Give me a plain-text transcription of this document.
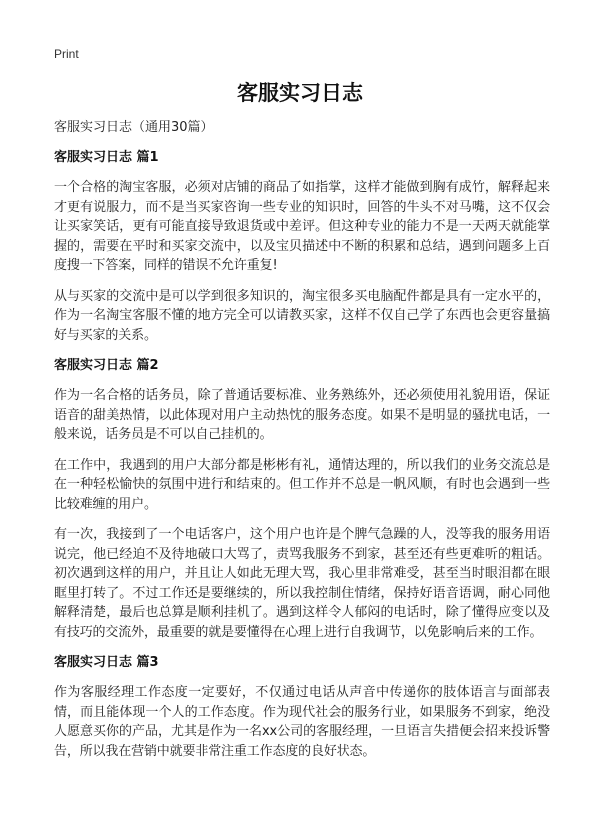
Print
客服实习日志

客服实习日志（通用30篇）

客服实习日志 篇1

一个合格的淘宝客服，必须对店铺的商品了如指掌，这样才能做到胸有成竹，解释起来才更有说服力，而不是当买家咨询一些专业的知识时，回答的牛头不对马嘴，这不仅会让买家笑话，更有可能直接导致退货或中差评。但这种专业的能力不是一天两天就能掌握的，需要在平时和买家交流中，以及宝贝描述中不断的积累和总结，遇到问题多上百度搜一下答案，同样的错误不允许重复!

从与买家的交流中是可以学到很多知识的，淘宝很多买电脑配件都是具有一定水平的，作为一名淘宝客服不懂的地方完全可以请教买家，这样不仅自己学了东西也会更容量搞好与买家的关系。

客服实习日志 篇2

作为一名合格的话务员，除了普通话要标准、业务熟练外，还必须使用礼貌用语，保证语音的甜美热情，以此体现对用户主动热忱的服务态度。如果不是明显的骚扰电话，一般来说，话务员是不可以自己挂机的。

在工作中，我遇到的用户大部分都是彬彬有礼，通情达理的，所以我们的业务交流总是在一种轻松愉快的氛围中进行和结束的。但工作并不总是一帆风顺，有时也会遇到一些比较难缠的用户。

有一次，我接到了一个电话客户，这个用户也许是个脾气急躁的人，没等我的服务用语说完，他已经迫不及待地破口大骂了，责骂我服务不到家，甚至还有些更难听的粗话。初次遇到这样的用户，并且让人如此无理大骂，我心里非常难受，甚至当时眼泪都在眼眶里打转了。不过工作还是要继续的，所以我控制住情绪，保持好语音语调，耐心同他解释清楚，最后也总算是顺利挂机了。遇到这样令人郁闷的电话时，除了懂得应变以及有技巧的交流外，最重要的就是要懂得在心理上进行自我调节，以免影响后来的工作。

客服实习日志 篇3

作为客服经理工作态度一定要好，不仅通过电话从声音中传递你的肢体语言与面部表情，而且能体现一个人的工作态度。作为现代社会的服务行业，如果服务不到家，绝没人愿意买你的产品，尤其是作为一名xx公司的客服经理，一旦语言失措便会招来投诉警告，所以我在营销中就要非常注重工作态度的良好状态。
